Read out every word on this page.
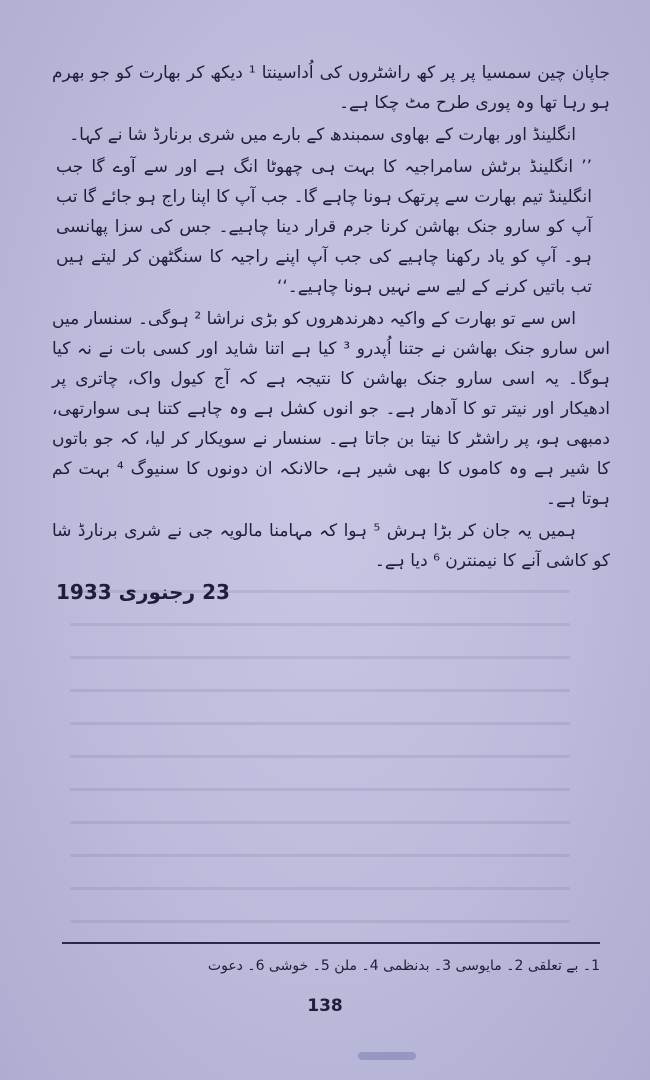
جاپان چین سمسیا پر پر کھ راشٹروں کی اُداسینتا ¹ دیکھ کر بھارت کو جو بھرم ہو رہا تھا وہ پوری طرح مٹ چکا ہے۔

انگلینڈ اور بھارت کے بھاوی سمبندھ کے بارے میں شری برنارڈ شا نے کہا۔

’’ انگلینڈ برٹش سامراجیہ کا بہت ہی چھوٹا انگ ہے اور سے آوے گا جب انگلینڈ تیم بھارت سے پرتھک ہونا چاہے گا۔ جب آپ کا اپنا راج ہو جائے گا تب آپ کو سارو جنک بھاشن کرنا جرم قرار دینا چاہیے۔ جس کی سزا پھانسی ہو۔ آپ کو یاد رکھنا چاہیے کی جب آپ اپنے راجیہ کا سنگٹھن کر لیتے ہیں تب باتیں کرنے کے لیے سے نہیں ہونا چاہیے۔‘‘

اس سے تو بھارت کے واکیہ دھرندھروں کو بڑی نراشا ² ہوگی۔ سنسار میں اس سارو جنک بھاشن نے جتنا اُپدرو ³ کیا ہے اتنا شاید اور کسی بات نے نہ کیا ہوگا۔ یہ اسی سارو جنک بھاشن کا نتیجہ ہے کہ آج کیول واک، چاتری پر ادھیکار اور نیتر تو کا آدھار ہے۔ جو انوں کشل ہے وہ چاہے کتنا ہی سوارتھی، دمبھی ہو، پر راشٹر کا نیتا بن جاتا ہے۔ سنسار نے سویکار کر لیا، کہ جو باتوں کا شیر ہے وہ کاموں کا بھی شیر ہے، حالانکہ ان دونوں کا سنیوگ ⁴ بہت کم ہوتا ہے۔

ہمیں یہ جان کر بڑا ہرش ⁵ ہوا کہ مہامنا مالویہ جی نے شری برنارڈ شا کو کاشی آنے کا نیمنترن ⁶ دیا ہے۔

23 رجنوری 1933
1۔ بے تعلقی 2۔ مایوسی 3۔ بدنظمی 4۔ ملن 5۔ خوشی 6۔ دعوت
138
